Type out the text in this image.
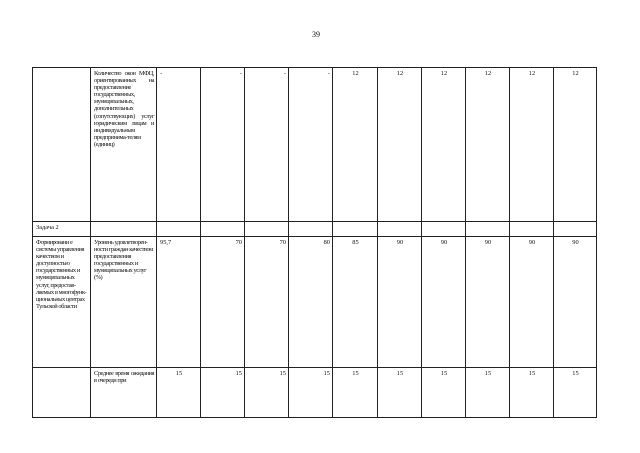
39
	Количество окон МФЦ, ориентированных на предоставление государственных, муниципальных, дополнительных (сопутствующих) услуг юридическим лицам и индивидуальным предпринима-телям (единиц)	-	-	-	-	12	12	12	12	12	12
Задача 2											
Формировани е системы управления качеством и доступностью государственных и муниципальных услуг, предостав-ляемых в многофунк-циональных центрах Тульской области	Уровень удовлетворен-ности граждан качеством предоставления государственных и муниципальных услуг (%)	95,7	70	70	80	85	90	90	90	90	90
	Среднее время ожидания в очереди при	15	15	15	15	15	15	15	15	15	15
